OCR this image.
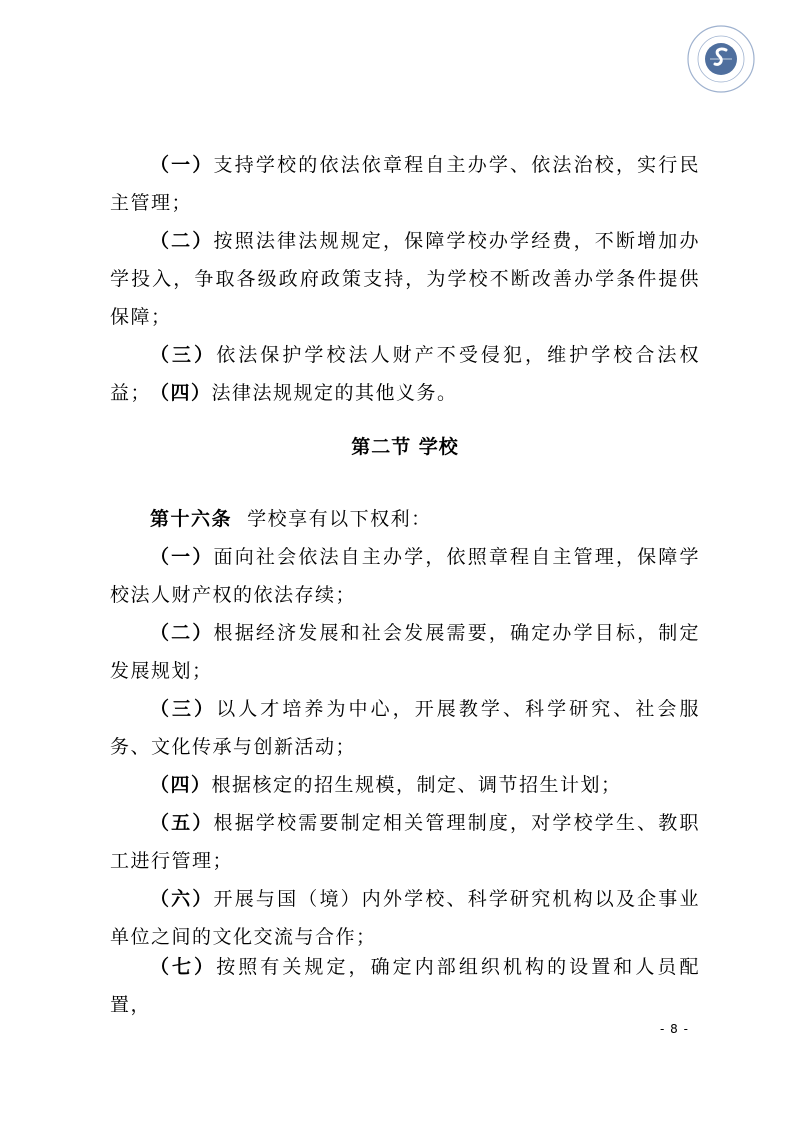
（一）支持学校的依法依章程自主办学、依法治校，实行民主管理；
（二）按照法律法规规定，保障学校办学经费，不断增加办学投入，争取各级政府政策支持，为学校不断改善办学条件提供保障；
（三）依法保护学校法人财产不受侵犯，维护学校合法权益；
（四）法律法规规定的其他义务。
第二节 学校
第十六条 学校享有以下权利：
（一）面向社会依法自主办学，依照章程自主管理，保障学校法人财产权的依法存续；
（二）根据经济发展和社会发展需要，确定办学目标，制定发展规划；
（三）以人才培养为中心，开展教学、科学研究、社会服务、文化传承与创新活动；
（四）根据核定的招生规模，制定、调节招生计划；
（五）根据学校需要制定相关管理制度，对学校学生、教职工进行管理；
（六）开展与国（境）内外学校、科学研究机构以及企事业单位之间的文化交流与合作；
（七）按照有关规定，确定内部组织机构的设置和人员配置，
- 8 -
